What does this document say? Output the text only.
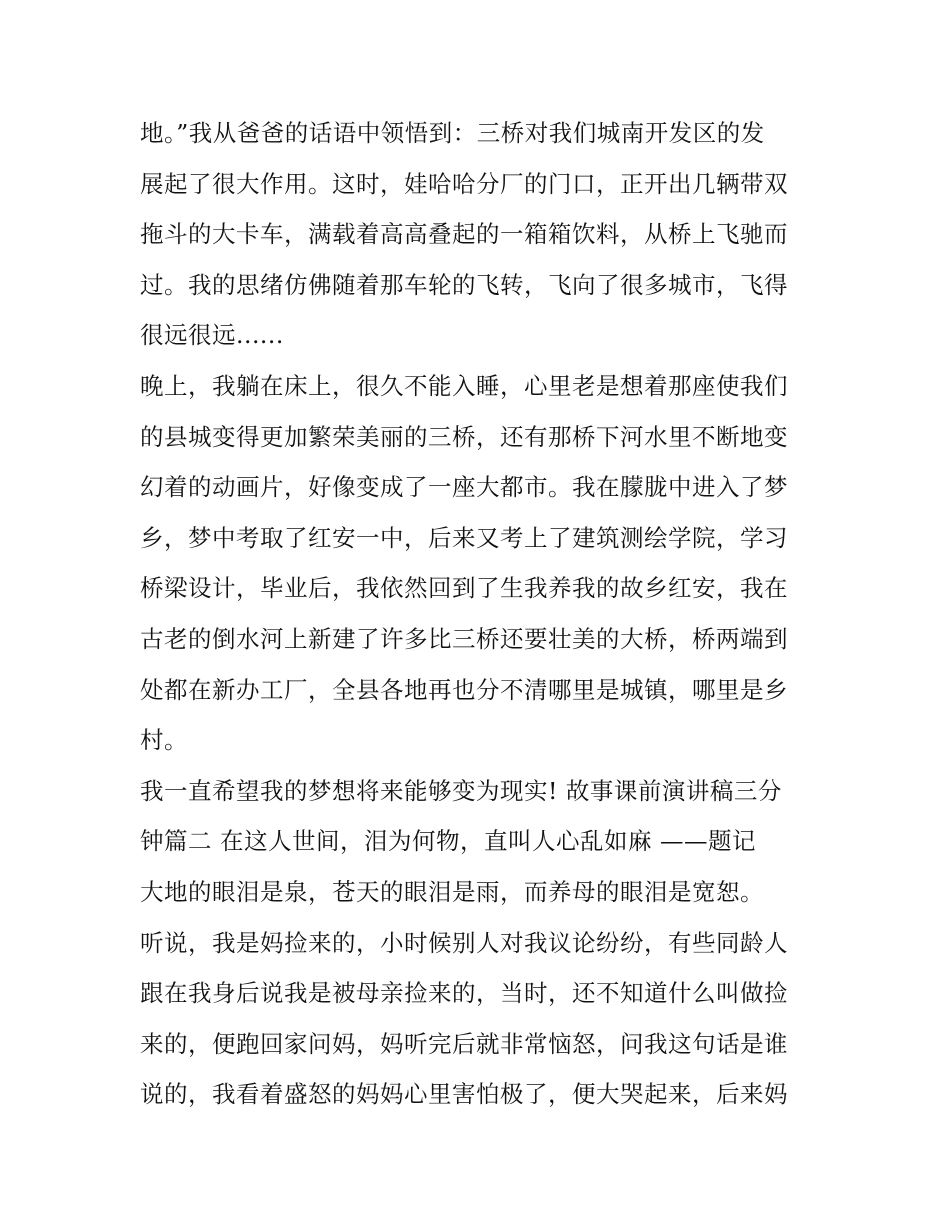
地。”我从爸爸的话语中领悟到：三桥对我们城南开发区的发
展起了很大作用。这时，娃哈哈分厂的门口，正开出几辆带双
拖斗的大卡车，满载着高高叠起的一箱箱饮料，从桥上飞驰而
过。我的思绪仿佛随着那车轮的飞转，飞向了很多城市，飞得
很远很远......
晚上，我躺在床上，很久不能入睡，心里老是想着那座使我们
的县城变得更加繁荣美丽的三桥，还有那桥下河水里不断地变
幻着的动画片，好像变成了一座大都市。我在朦胧中进入了梦
乡，梦中考取了红安一中，后来又考上了建筑测绘学院，学习
桥梁设计，毕业后，我依然回到了生我养我的故乡红安，我在
古老的倒水河上新建了许多比三桥还要壮美的大桥，桥两端到
处都在新办工厂，全县各地再也分不清哪里是城镇，哪里是乡
村。
我一直希望我的梦想将来能够变为现实! 故事课前演讲稿三分
钟篇二 在这人世间，泪为何物，直叫人心乱如麻 ——题记
大地的眼泪是泉，苍天的眼泪是雨，而养母的眼泪是宽恕。
听说，我是妈捡来的，小时候别人对我议论纷纷，有些同龄人
跟在我身后说我是被母亲捡来的，当时，还不知道什么叫做捡
来的，便跑回家问妈，妈听完后就非常恼怒，问我这句话是谁
说的，我看着盛怒的妈妈心里害怕极了，便大哭起来，后来妈
